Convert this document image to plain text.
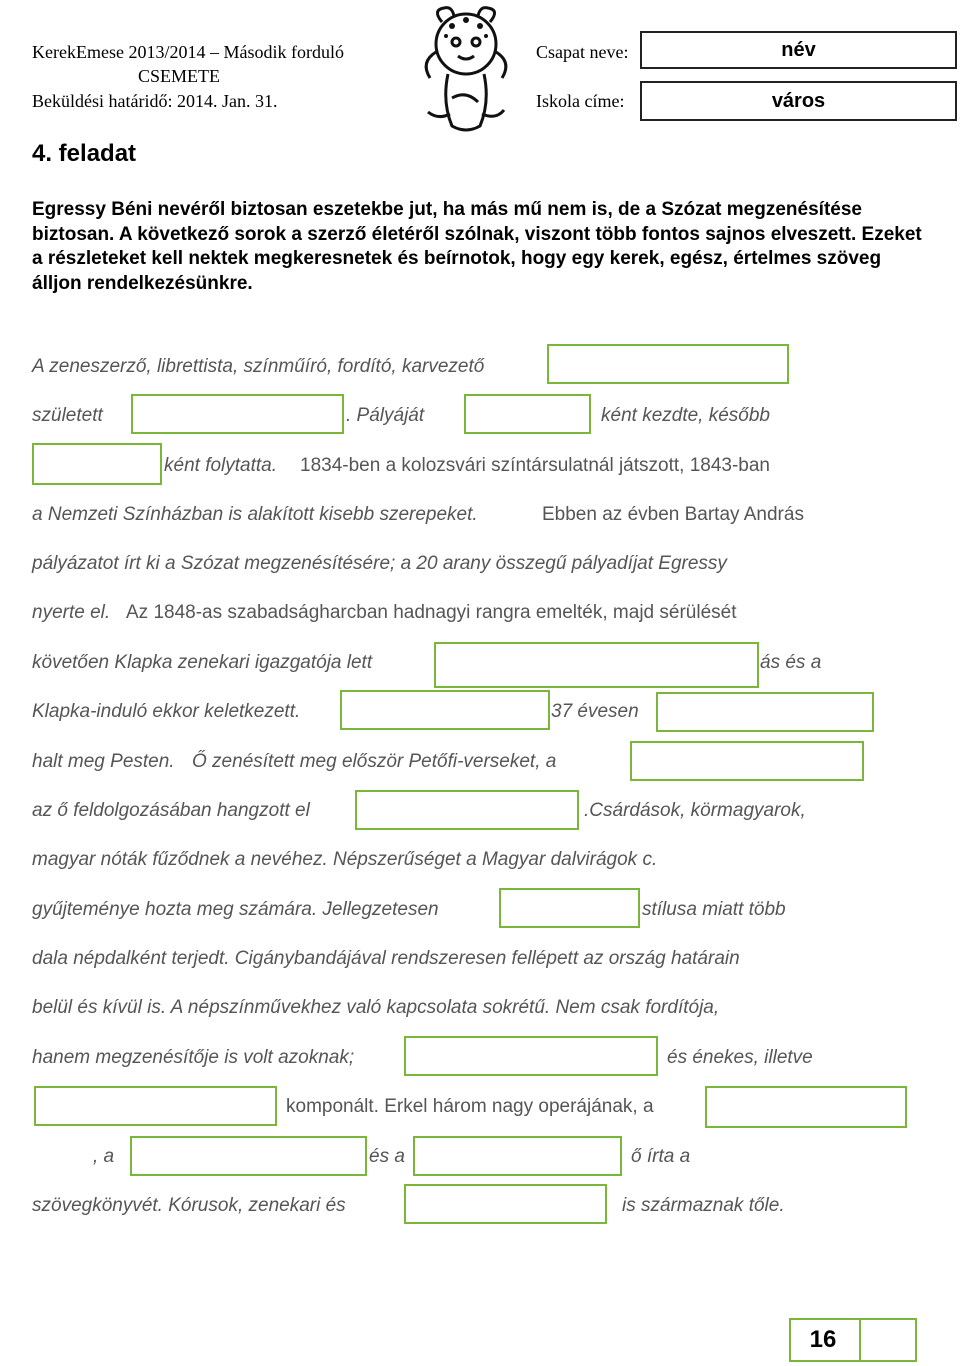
KerekEmese 2013/2014 – Második forduló
CSEMETE
Beküldési határidő: 2014. Jan. 31.
Csapat neve:	név
Iskola címe:	város
4. feladat
Egressy Béni nevéről biztosan eszetekbe jut, ha más mű nem is, de a Szózat megzenésítése biztosan. A következő sorok a szerző életéről szólnak, viszont több fontos sajnos elveszett. Ezeket a részleteket kell nektek megkeresnetek és beírnotok, hogy egy kerek, egész, értelmes szöveg álljon rendelkezésünkre.
A zeneszerző, librettista, színműíró, fordító, karvezető
született	. Pályáját	ként kezdte, később
ként folytatta. 1834-ben a kolozsvári színtársulatnál játszott, 1843-ban
a Nemzeti Színházban is alakított kisebb szerepeket.	Ebben az évben Bartay András
pályázatot írt ki a Szózat megzenésítésére; a 20 arany összegű pályadíjat Egressy
nyerte el. Az 1848-as szabadságharcban hadnagyi rangra emelték, majd sérülését
követően Klapka zenekari igazgatója lett	ás és a
Klapka-induló ekkor keletkezett.	37 évesen
halt meg Pesten. Ő zenésített meg először Petőfi-verseket, a
az ő feldolgozásában hangzott el	.Csárdások, körmagyarok,
magyar nóták fűződnek a nevéhez. Népszerűséget a Magyar dalvirágok c.
gyűjteménye hozta meg számára. Jellegzetesen	stílusa miatt több
dala népdalként terjedt. Cigánybandájával rendszeresen fellépett az ország határain
belül és kívül is. A népszínművekhez való kapcsolata sokrétű. Nem csak fordítója,
hanem megzenésítője is volt azoknak;	és énekes, illetve
komponált. Erkel három nagy operájának, a
, a	és a	ő írta a
szövegkönyvét. Kórusok, zenekari és	is származnak tőle.
16
